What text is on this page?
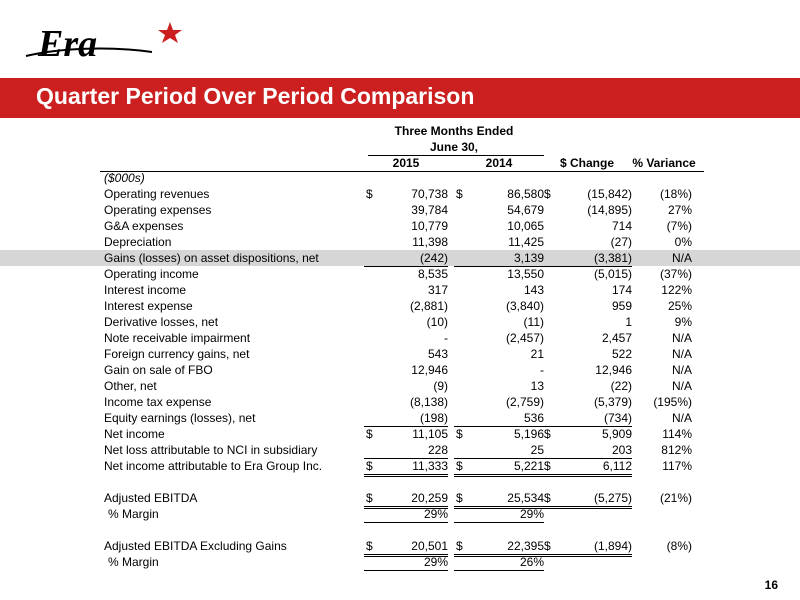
Era
Quarter Period Over Period Comparison
Three Months Ended
June 30,
2015	2014	$ Change	% Variance
($000s)
Operating revenues	$	70,738 $	86,580 $	(15,842) (18%)
Operating expenses	39,784	54,679	(14,895)	27%
G&A expenses	10,779	10,065	714	(7%)
Depreciation	11,398	11,425	(27)	0%
Gains (losses) on asset dispositions, net	(242)	3,139	(3,381)	N/A
Operating income	8,535	13,550	(5,015) (37%)
Interest income	317	143	174 122%
Interest expense	(2,881)	(3,840)	959	25%
Derivative losses, net	(10)	(11)	1	9%
Note receivable impairment	-	(2,457)	2,457	N/A
Foreign currency gains, net	543	21	522	N/A
Gain on sale of FBO	12,946	-	12,946	N/A
Other, net	(9)	13	(22)	N/A
Income tax expense	(8,138)	(2,759)	(5,379) (195%)
Equity earnings (losses), net	(198)	536	(734)	N/A
Net income	$	11,105 $	5,196 $	5,909	114%
Net loss attributable to NCI in subsidiary	228	25	203 812%
Net income attributable to Era Group Inc.	$	11,333 $	5,221 $	6,112	117%
Adjusted EBITDA	$	20,259 $	25,534 $	(5,275) (21%)
% Margin	29%	29%
Adjusted EBITDA Excluding Gains	$	20,501 $	22,395 $	(1,894)	(8%)
% Margin	29%	26%
16
